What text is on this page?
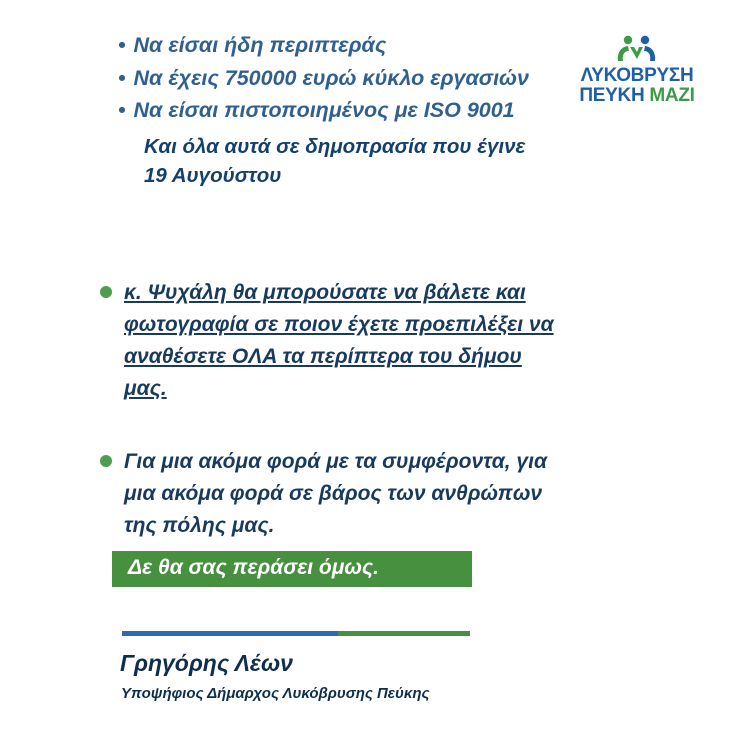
ΛΥΚΟΒΡΥΣΗ
ΠΕΥΚΗ ΜΑΖΙ
• Να είσαι ήδη περιπτεράς
• Να έχεις 750000 ευρώ κύκλο εργασιών
• Να είσαι πιστοποιημένος με ISO 9001
Και όλα αυτά σε δημοπρασία που έγινε 19 Αυγούστου
κ. Ψυχάλη θα μπορούσατε να βάλετε και φωτογραφία σε ποιον έχετε προεπιλέξει να αναθέσετε ΟΛΑ τα περίπτερα του δήμου μας.
Για μια ακόμα φορά με τα συμφέροντα, για μια ακόμα φορά σε βάρος των ανθρώπων της πόλης μας.
Δε θα σας περάσει όμως.
Γρηγόρης Λέων
Υποψήφιος Δήμαρχος Λυκόβρυσης Πεύκης
